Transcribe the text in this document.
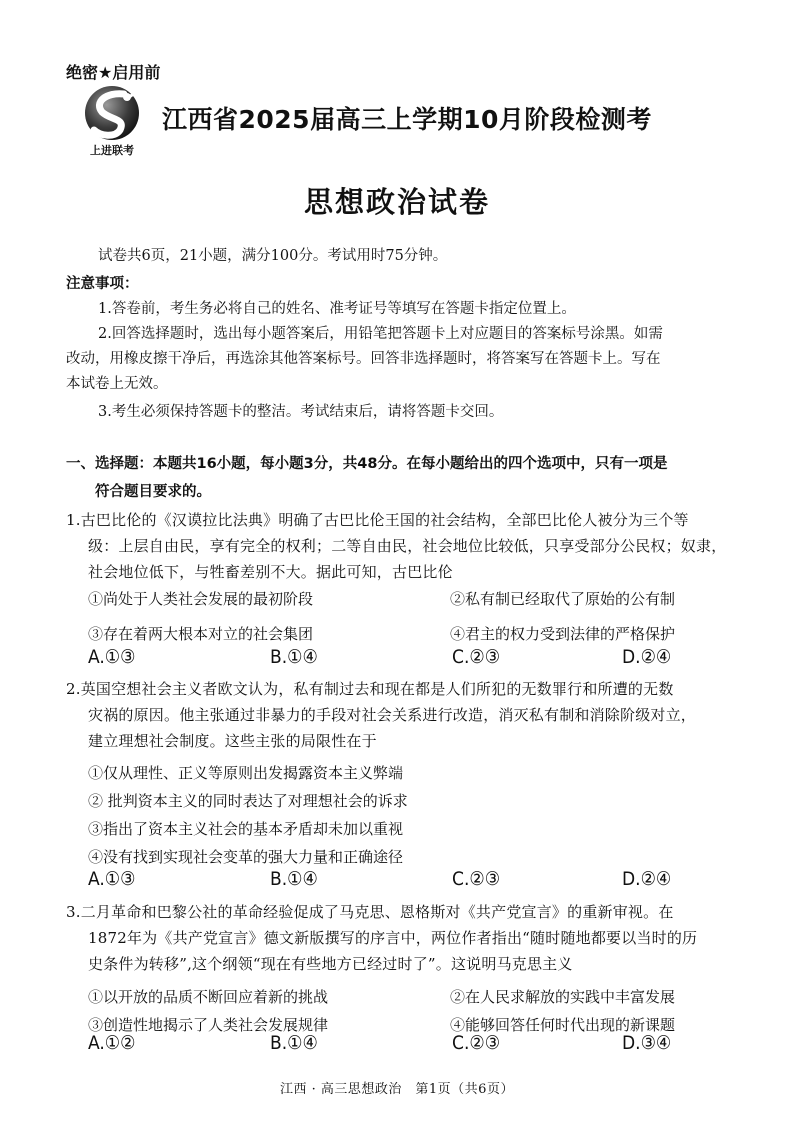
绝密★启用前
上进联考
江西省2025届高三上学期10月阶段检测考
思想政治试卷
试卷共6页，21小题，满分100分。考试用时75分钟。
注意事项：
1.答卷前，考生务必将自己的姓名、准考证号等填写在答题卡指定位置上。
2.回答选择题时，选出每小题答案后，用铅笔把答题卡上对应题目的答案标号涂黑。如需
改动，用橡皮擦干净后，再选涂其他答案标号。回答非选择题时，将答案写在答题卡上。写在
本试卷上无效。
3.考生必须保持答题卡的整洁。考试结束后，请将答题卡交回。
一、选择题：本题共16小题，每小题3分，共48分。在每小题给出的四个选项中，只有一项是
符合题目要求的。
1.古巴比伦的《汉谟拉比法典》明确了古巴比伦王国的社会结构，全部巴比伦人被分为三个等
级：上层自由民，享有完全的权利；二等自由民，社会地位比较低，只享受部分公民权；奴隶，
社会地位低下，与牲畜差别不大。据此可知，古巴比伦
①尚处于人类社会发展的最初阶段	②私有制已经取代了原始的公有制
③存在着两大根本对立的社会集团	④君主的权力受到法律的严格保护
A.①③	B.①④	C.②③	D.②④
2.英国空想社会主义者欧文认为，私有制过去和现在都是人们所犯的无数罪行和所遭的无数
灾祸的原因。他主张通过非暴力的手段对社会关系进行改造，消灭私有制和消除阶级对立，
建立理想社会制度。这些主张的局限性在于
①仅从理性、正义等原则出发揭露资本主义弊端
② 批判资本主义的同时表达了对理想社会的诉求
③指出了资本主义社会的基本矛盾却未加以重视
④没有找到实现社会变革的强大力量和正确途径
A.①③	B.①④	C.②③	D.②④
3.二月革命和巴黎公社的革命经验促成了马克思、恩格斯对《共产党宣言》的重新审视。在
1872年为《共产党宣言》德文新版撰写的序言中，两位作者指出“随时随地都要以当时的历
史条件为转移”,这个纲领“现在有些地方已经过时了”。这说明马克思主义
①以开放的品质不断回应着新的挑战	②在人民求解放的实践中丰富发展
③创造性地揭示了人类社会发展规律	④能够回答任何时代出现的新课题
A.①②	B.①④	C.②③	D.③④
江西 · 高三思想政治　第1页（共6页）
